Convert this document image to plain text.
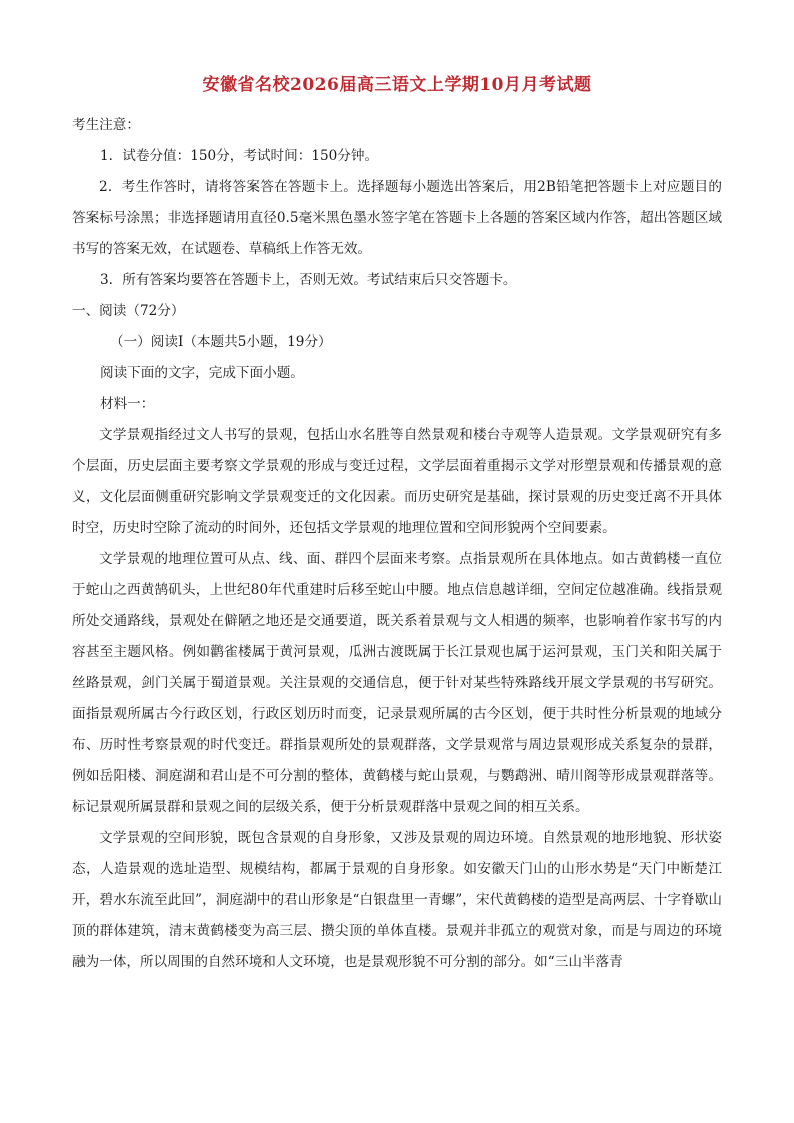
安徽省名校2026届高三语文上学期10月月考试题
考生注意：
1．试卷分值：150分，考试时间：150分钟。

2．考生作答时，请将答案答在答题卡上。选择题每小题选出答案后，用2B铅笔把答题卡上对应题目的答案标号涂黑；非选择题请用直径0.5毫米黑色墨水签字笔在答题卡上各题的答案区域内作答，超出答题区域书写的答案无效，在试题卷、草稿纸上作答无效。

3．所有答案均要答在答题卡上，否则无效。考试结束后只交答题卡。
一、阅读（72分）
（一）阅读Ⅰ（本题共5小题，19分）
阅读下面的文字，完成下面小题。
材料一：

文学景观指经过文人书写的景观，包括山水名胜等自然景观和楼台寺观等人造景观。文学景观研究有多个层面，历史层面主要考察文学景观的形成与变迁过程，文学层面着重揭示文学对形塑景观和传播景观的意义，文化层面侧重研究影响文学景观变迁的文化因素。而历史研究是基础，探讨景观的历史变迁离不开具体时空，历史时空除了流动的时间外，还包括文学景观的地理位置和空间形貌两个空间要素。

文学景观的地理位置可从点、线、面、群四个层面来考察。点指景观所在具体地点。如古黄鹤楼一直位于蛇山之西黄鹄矶头，上世纪80年代重建时后移至蛇山中腰。地点信息越详细，空间定位越准确。线指景观所处交通路线，景观处在僻陋之地还是交通要道，既关系着景观与文人相遇的频率，也影响着作家书写的内容甚至主题风格。例如鹳雀楼属于黄河景观，瓜洲古渡既属于长江景观也属于运河景观，玉门关和阳关属于丝路景观，剑门关属于蜀道景观。关注景观的交通信息，便于针对某些特殊路线开展文学景观的书写研究。面指景观所属古今行政区划，行政区划历时而变，记录景观所属的古今区划，便于共时性分析景观的地域分布、历时性考察景观的时代变迁。群指景观所处的景观群落，文学景观常与周边景观形成关系复杂的景群，例如岳阳楼、洞庭湖和君山是不可分割的整体，黄鹤楼与蛇山景观，与鹦鹉洲、晴川阁等形成景观群落等。标记景观所属景群和景观之间的层级关系，便于分析景观群落中景观之间的相互关系。

文学景观的空间形貌，既包含景观的自身形象，又涉及景观的周边环境。自然景观的地形地貌、形状姿态，人造景观的选址造型、规模结构，都属于景观的自身形象。如安徽天门山的山形水势是“天门中断楚江开，碧水东流至此回”，洞庭湖中的君山形象是“白银盘里一青螺”，宋代黄鹤楼的造型是高两层、十字脊歇山顶的群体建筑，清末黄鹤楼变为高三层、攒尖顶的单体直楼。景观并非孤立的观赏对象，而是与周边的环境融为一体，所以周围的自然环境和人文环境，也是景观形貌不可分割的部分。如“三山半落青
